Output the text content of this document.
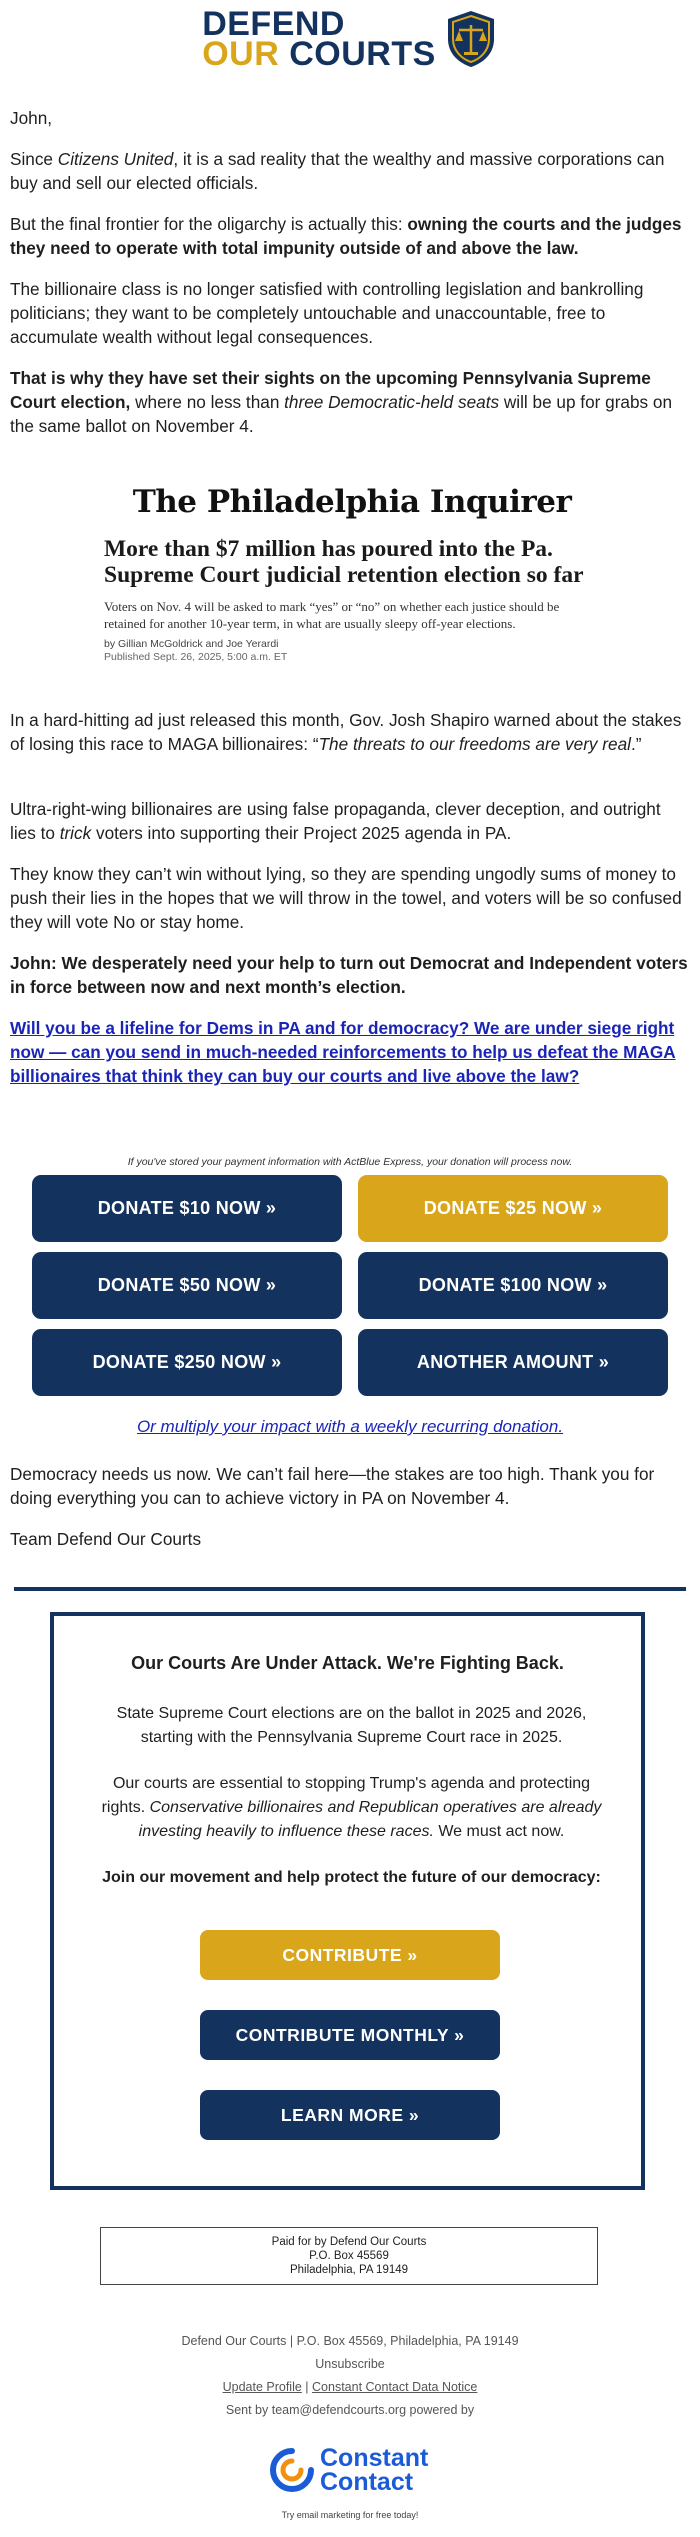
DEFEND
OUR COURTS
John,
Since Citizens United, it is a sad reality that the wealthy and massive corporations can buy and sell our elected officials.
But the final frontier for the oligarchy is actually this: owning the courts and the judges they need to operate with total impunity outside of and above the law.
The billionaire class is no longer satisfied with controlling legislation and bankrolling politicians; they want to be completely untouchable and unaccountable, free to accumulate wealth without legal consequences.
That is why they have set their sights on the upcoming Pennsylvania Supreme Court election, where no less than three Democratic-held seats will be up for grabs on the same ballot on November 4.
The Philadelphia Inquirer
More than $7 million has poured into the Pa. Supreme Court judicial retention election so far
Voters on Nov. 4 will be asked to mark “yes” or “no” on whether each justice should be retained for another 10-year term, in what are usually sleepy off-year elections.
by Gillian McGoldrick and Joe Yerardi
Published Sept. 26, 2025, 5:00 a.m. ET
In a hard-hitting ad just released this month, Gov. Josh Shapiro warned about the stakes of losing this race to MAGA billionaires: “The threats to our freedoms are very real.”
Ultra-right-wing billionaires are using false propaganda, clever deception, and outright lies to trick voters into supporting their Project 2025 agenda in PA.
They know they can’t win without lying, so they are spending ungodly sums of money to push their lies in the hopes that we will throw in the towel, and voters will be so confused they will vote No or stay home.
John: We desperately need your help to turn out Democrat and Independent voters in force between now and next month’s election.
Will you be a lifeline for Dems in PA and for democracy? We are under siege right now — can you send in much-needed reinforcements to help us defeat the MAGA billionaires that think they can buy our courts and live above the law?
If you've stored your payment information with ActBlue Express, your donation will process now.
DONATE $10 NOW »	DONATE $25 NOW »
DONATE $50 NOW »	DONATE $100 NOW »
DONATE $250 NOW »	ANOTHER AMOUNT »
Or multiply your impact with a weekly recurring donation.
Democracy needs us now. We can’t fail here—the stakes are too high. Thank you for doing everything you can to achieve victory in PA on November 4.
Team Defend Our Courts
Our Courts Are Under Attack. We're Fighting Back.
State Supreme Court elections are on the ballot in 2025 and 2026, starting with the Pennsylvania Supreme Court race in 2025.
Our courts are essential to stopping Trump's agenda and protecting rights. Conservative billionaires and Republican operatives are already investing heavily to influence these races. We must act now.
Join our movement and help protect the future of our democracy:
CONTRIBUTE »
CONTRIBUTE MONTHLY »
LEARN MORE »
Paid for by Defend Our Courts
P.O. Box 45569
Philadelphia, PA 19149
Defend Our Courts | P.O. Box 45569, Philadelphia, PA 19149
Unsubscribe
Update Profile | Constant Contact Data Notice
Sent by team@defendcourts.org powered by
Constant
Contact
Try email marketing for free today!
